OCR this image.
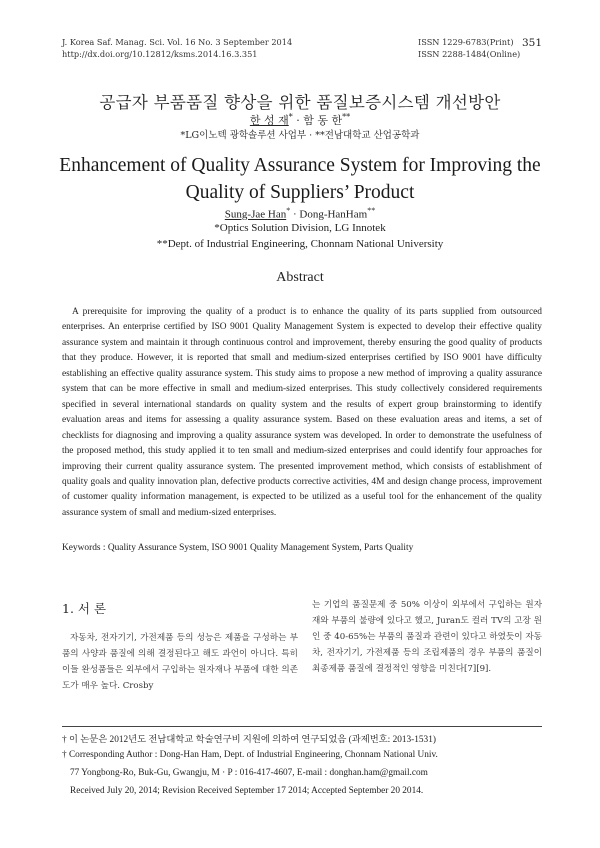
J. Korea Saf. Manag. Sci. Vol. 16 No. 3 September 2014
http://dx.doi.org/10.12812/ksms.2014.16.3.351
ISSN 1229-6783(Print)
ISSN 2288-1484(Online)
351
공급자 부품품질 향상을 위한 품질보증시스템 개선방안
한 성 재* · 함 동 한**
*LG이노텍 광학솔루션 사업부 · **전남대학교 산업공학과
Enhancement of Quality Assurance System for Improving the
Quality of Suppliers’ Product
Sung-Jae Han* · Dong-HanHam**
*Optics Solution Division, LG Innotek
**Dept. of Industrial Engineering, Chonnam National University
Abstract
A prerequisite for improving the quality of a product is to enhance the quality of its parts supplied from outsourced enterprises. An enterprise certified by ISO 9001 Quality Management System is expected to develop their effective quality assurance system and maintain it through continuous control and improvement, thereby ensuring the good quality of products that they produce. However, it is reported that small and medium-sized enterprises certified by ISO 9001 have difficulty establishing an effective quality assurance system. This study aims to propose a new method of improving a quality assurance system that can be more effective in small and medium-sized enterprises. This study collectively considered requirements specified in several international standards on quality system and the results of expert group brainstorming to identify evaluation areas and items for assessing a quality assurance system. Based on these evaluation areas and items, a set of checklists for diagnosing and improving a quality assurance system was developed. In order to demonstrate the usefulness of the proposed method, this study applied it to ten small and medium-sized enterprises and could identify four approaches for improving their current quality assurance system. The presented improvement method, which consists of establishment of quality goals and quality innovation plan, defective products corrective activities, 4M and design change process, improvement of customer quality information management, is expected to be utilized as a useful tool for the enhancement of the quality assurance system of small and medium-sized enterprises.
Keywords : Quality Assurance System, ISO 9001 Quality Management System, Parts Quality
1. 서 론
자동차, 전자기기, 가전제품 등의 성능은 제품을 구성하는 부품의 사양과 품질에 의해 결정된다고 해도 과언이 아니다. 특히 이들 완성품들은 외부에서 구입하는 원자재나 부품에 대한 의존도가 매우 높다. Crosby
는 기업의 품질문제 중 50% 이상이 외부에서 구입하는 원자재와 부품의 불량에 있다고 했고, Juran도 컬러 TV의 고장 원인 중 40-65%는 부품의 품질과 관련이 있다고 하였듯이 자동차, 전자기기, 가전제품 등의 조립제품의 경우 부품의 품질이 최종제품 품질에 결정적인 영향을 미친다[7][9].
† 이 논문은 2012년도 전남대학교 학술연구비 지원에 의하여 연구되었음 (과제번호: 2013-1531)
† Corresponding Author : Dong-Han Ham, Dept. of Industrial Engineering, Chonnam National Univ.
77 Yongbong-Ro, Buk-Gu, Gwangju, M · P : 016-417-4607, E-mail : donghan.ham@gmail.com
Received July 20, 2014; Revision Received September 17 2014; Accepted September 20 2014.
